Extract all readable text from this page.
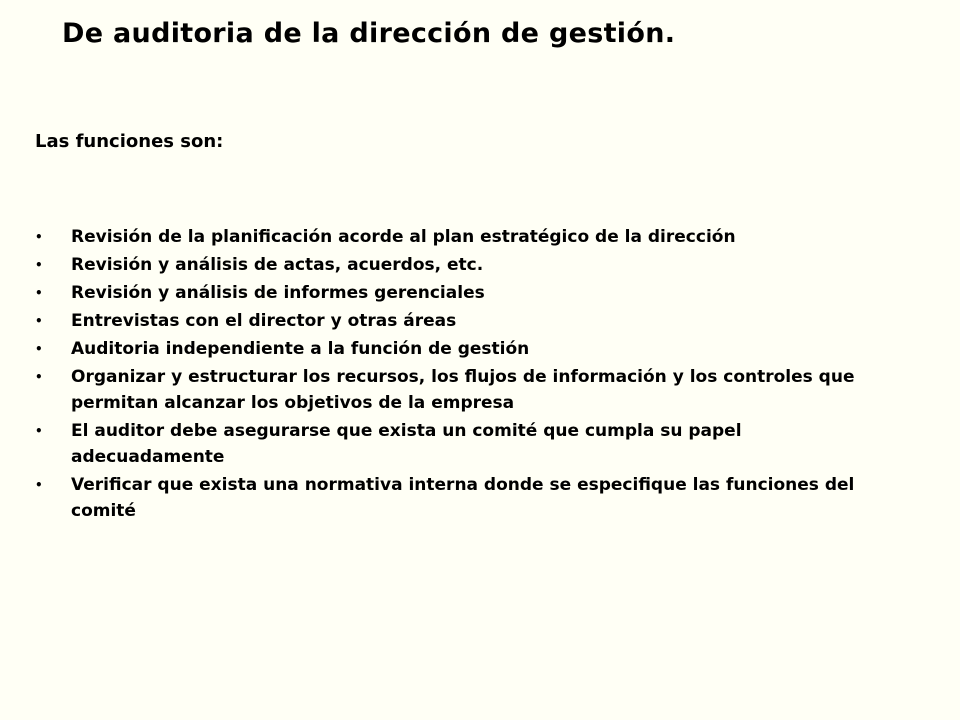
De auditoria de la dirección de gestión.
Las funciones son:
• Revisión de la planificación acorde al plan estratégico de la dirección
• Revisión y análisis de actas, acuerdos, etc.
• Revisión y análisis de informes gerenciales
• Entrevistas con el director y otras áreas
• Auditoria independiente a la función de gestión
• Organizar y estructurar los recursos, los flujos de información y los controles que permitan alcanzar los objetivos de la empresa
• El auditor debe asegurarse que exista un comité que cumpla su papel adecuadamente
• Verificar que exista una normativa interna donde se especifique las funciones del comité
